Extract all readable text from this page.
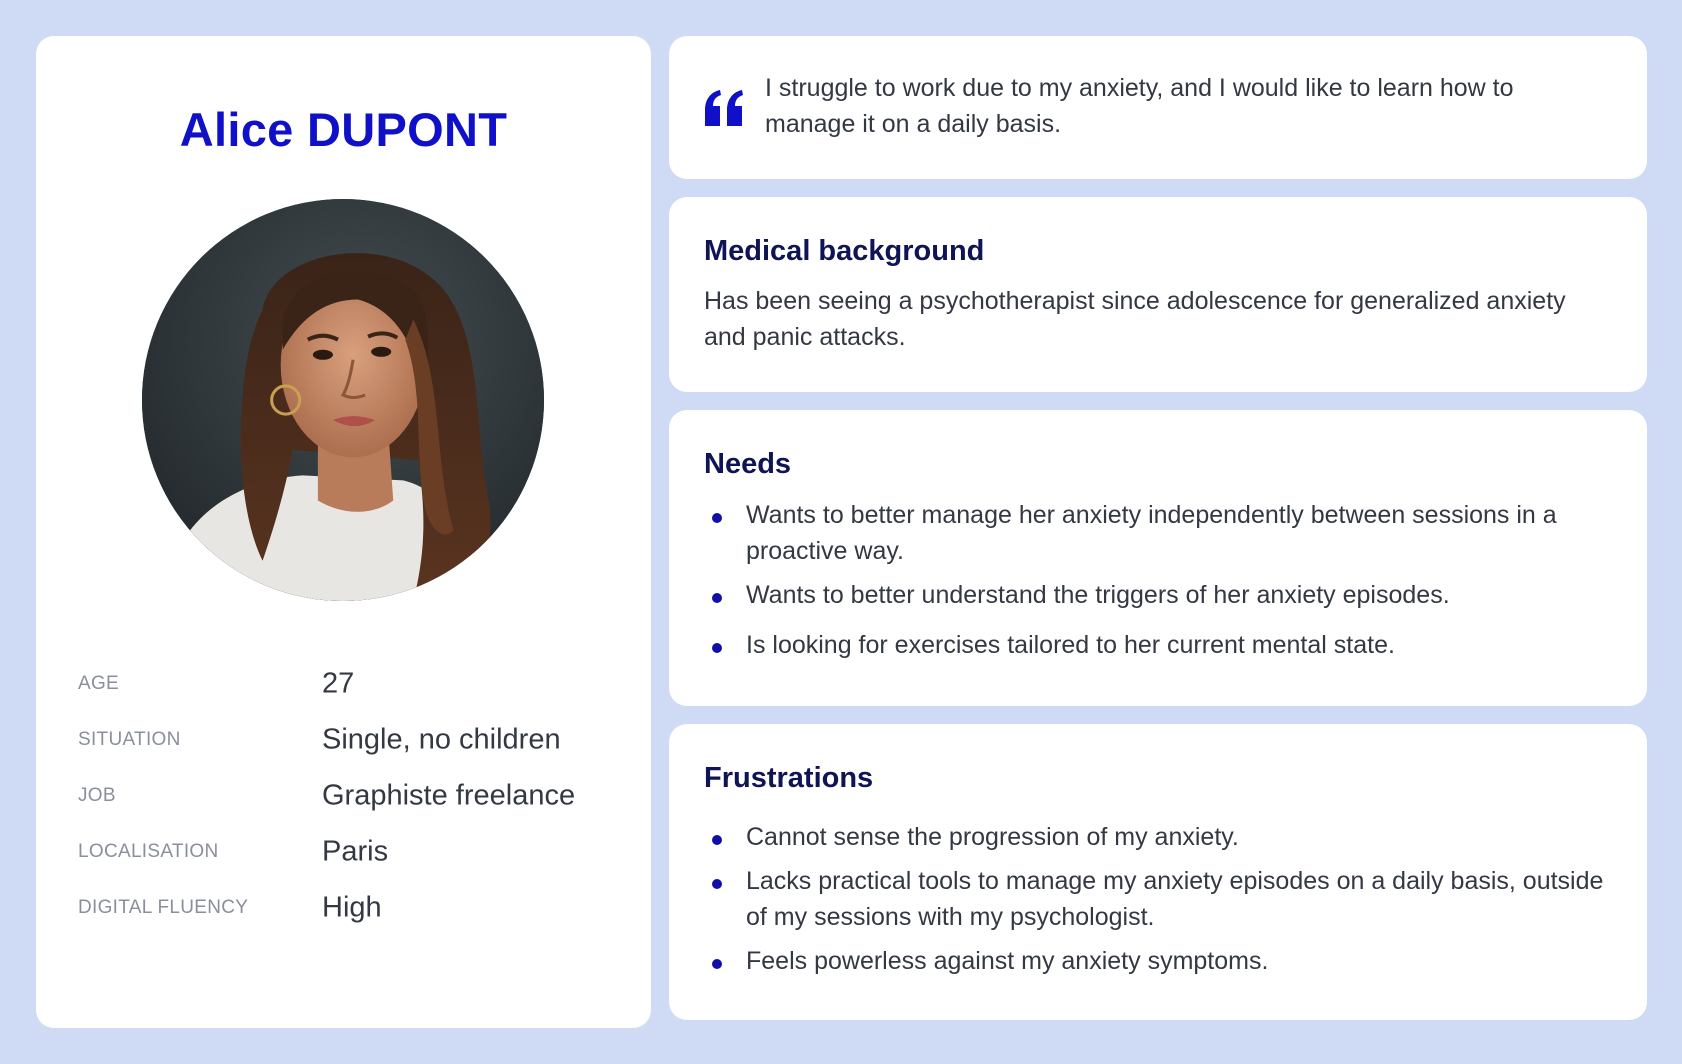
Alice DUPONT
AGE	27
SITUATION	Single, no children
JOB	Graphiste freelance
LOCALISATION	Paris
DIGITAL FLUENCY	High
I struggle to work due to my anxiety, and I would like to learn how to manage it on a daily basis.
Medical background
Has been seeing a psychotherapist since adolescence for generalized anxiety and panic attacks.
Needs
Wants to better manage her anxiety independently between sessions in a proactive way.
Wants to better understand the triggers of her anxiety episodes.
Is looking for exercises tailored to her current mental state.
Frustrations
Cannot sense the progression of my anxiety.
Lacks practical tools to manage my anxiety episodes on a daily basis, outside of my sessions with my psychologist.
Feels powerless against my anxiety symptoms.
